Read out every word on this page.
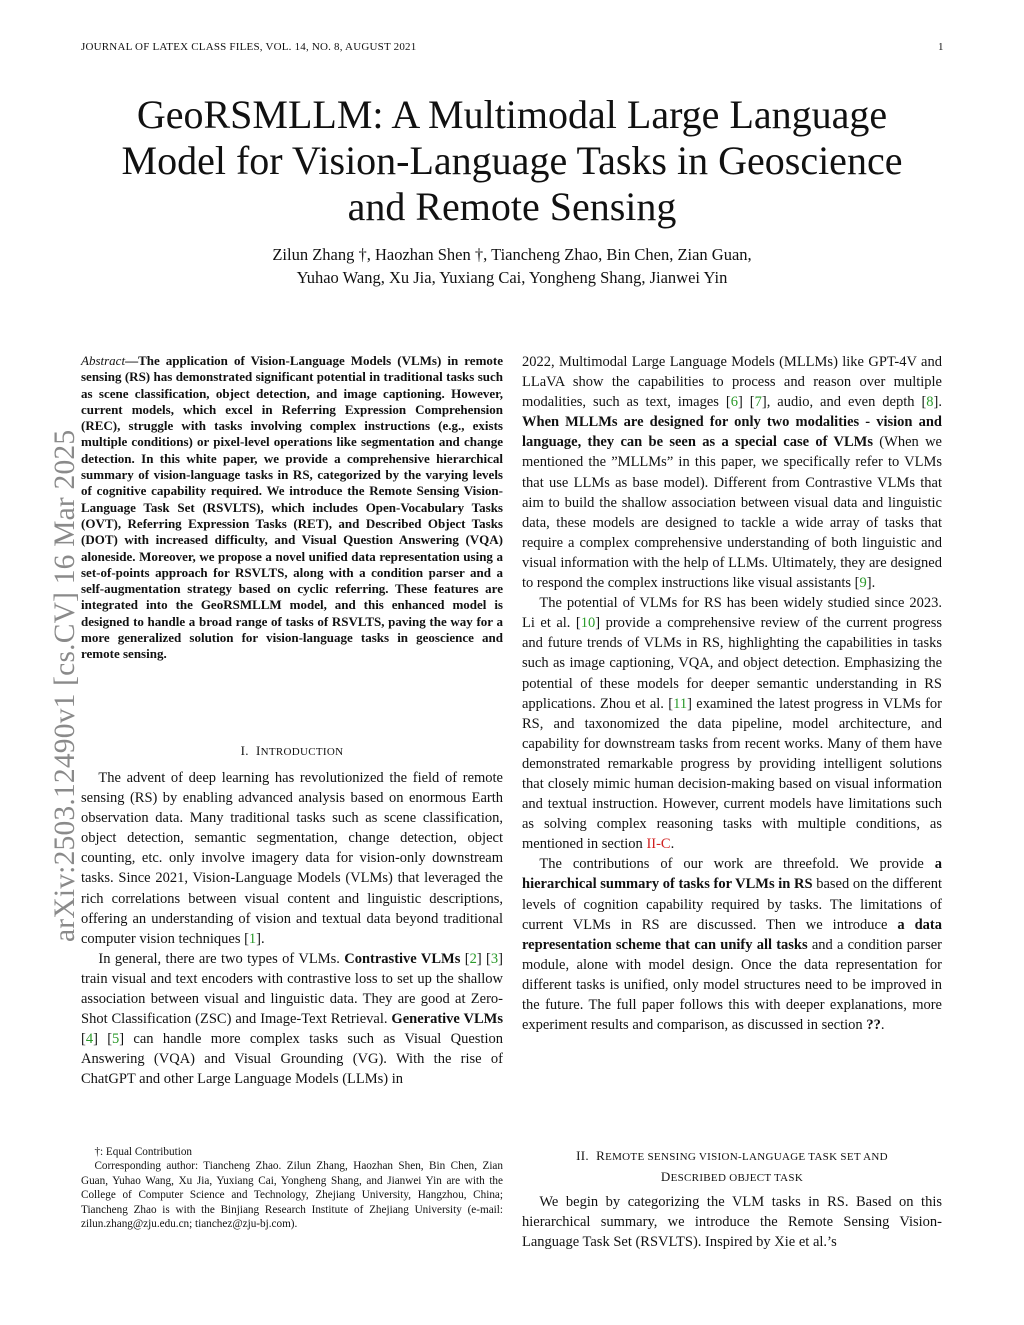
JOURNAL OF LATEX CLASS FILES, VOL. 14, NO. 8, AUGUST 2021	1
GeoRSMLLM: A Multimodal Large Language
Model for Vision-Language Tasks in Geoscience
and Remote Sensing
Zilun Zhang †, Haozhan Shen †, Tiancheng Zhao, Bin Chen, Zian Guan,
Yuhao Wang, Xu Jia, Yuxiang Cai, Yongheng Shang, Jianwei Yin
arXiv:2503.12490v1 [cs.CV] 16 Mar 2025
Abstract—The application of Vision-Language Models (VLMs) in remote sensing (RS) has demonstrated significant potential in traditional tasks such as scene classification, object detection, and image captioning. However, current models, which excel in Referring Expression Comprehension (REC), struggle with tasks involving complex instructions (e.g., exists multiple conditions) or pixel-level operations like segmentation and change detection. In this white paper, we provide a comprehensive hierarchical summary of vision-language tasks in RS, categorized by the varying levels of cognitive capability required. We introduce the Remote Sensing Vision-Language Task Set (RSVLTS), which includes Open-Vocabulary Tasks (OVT), Referring Expression Tasks (RET), and Described Object Tasks (DOT) with increased difficulty, and Visual Question Answering (VQA) aloneside. Moreover, we propose a novel unified data representation using a set-of-points approach for RSVLTS, along with a condition parser and a self-augmentation strategy based on cyclic referring. These features are integrated into the GeoRSMLLM model, and this enhanced model is designed to handle a broad range of tasks of RSVLTS, paving the way for a more generalized solution for vision-language tasks in geoscience and remote sensing.
I. INTRODUCTION

The advent of deep learning has revolutionized the field of remote sensing (RS) by enabling advanced analysis based on enormous Earth observation data. Many traditional tasks such as scene classification, object detection, semantic segmentation, change detection, object counting, etc. only involve imagery data for vision-only downstream tasks. Since 2021, Vision-Language Models (VLMs) that leveraged the rich correlations between visual content and linguistic descriptions, offering an understanding of vision and textual data beyond traditional computer vision techniques [1].

In general, there are two types of VLMs. Contrastive VLMs [2] [3] train visual and text encoders with contrastive loss to set up the shallow association between visual and linguistic data. They are good at Zero-Shot Classification (ZSC) and Image-Text Retrieval. Generative VLMs [4] [5] can handle more complex tasks such as Visual Question Answering (VQA) and Visual Grounding (VG). With the rise of ChatGPT and other Large Language Models (LLMs) in

†: Equal Contribution

Corresponding author: Tiancheng Zhao. Zilun Zhang, Haozhan Shen, Bin Chen, Zian Guan, Yuhao Wang, Xu Jia, Yuxiang Cai, Yongheng Shang, and Jianwei Yin are with the College of Computer Science and Technology, Zhejiang University, Hangzhou, China; Tiancheng Zhao is with the Binjiang Research Institute of Zhejiang University (e-mail: zilun.zhang@zju.edu.cn; tianchez@zju-bj.com).

2022, Multimodal Large Language Models (MLLMs) like GPT-4V and LLaVA show the capabilities to process and reason over multiple modalities, such as text, images [6] [7], audio, and even depth [8]. When MLLMs are designed for only two modalities - vision and language, they can be seen as a special case of VLMs (When we mentioned the ”MLLMs” in this paper, we specifically refer to VLMs that use LLMs as base model). Different from Contrastive VLMs that aim to build the shallow association between visual data and linguistic data, these models are designed to tackle a wide array of tasks that require a complex comprehensive understanding of both linguistic and visual information with the help of LLMs. Ultimately, they are designed to respond the complex instructions like visual assistants [9].

The potential of VLMs for RS has been widely studied since 2023. Li et al. [10] provide a comprehensive review of the current progress and future trends of VLMs in RS, highlighting the capabilities in tasks such as image captioning, VQA, and object detection. Emphasizing the potential of these models for deeper semantic understanding in RS applications. Zhou et al. [11] examined the latest progress in VLMs for RS, and taxonomized the data pipeline, model architecture, and capability for downstream tasks from recent works. Many of them have demonstrated remarkable progress by providing intelligent solutions that closely mimic human decision-making based on visual information and textual instruction. However, current models have limitations such as solving complex reasoning tasks with multiple conditions, as mentioned in section II-C.

The contributions of our work are threefold. We provide a hierarchical summary of tasks for VLMs in RS based on the different levels of cognition capability required by tasks. The limitations of current VLMs in RS are discussed. Then we introduce a data representation scheme that can unify all tasks and a condition parser module, alone with model design. Once the data representation for different tasks is unified, only model structures need to be improved in the future. The full paper follows this with deeper explanations, more experiment results and comparison, as discussed in section ??.

II. REMOTE SENSING VISION-LANGUAGE TASK SET AND
DESCRIBED OBJECT TASK

We begin by categorizing the VLM tasks in RS. Based on this hierarchical summary, we introduce the Remote Sensing Vision-Language Task Set (RSVLTS). Inspired by Xie et al.’s
